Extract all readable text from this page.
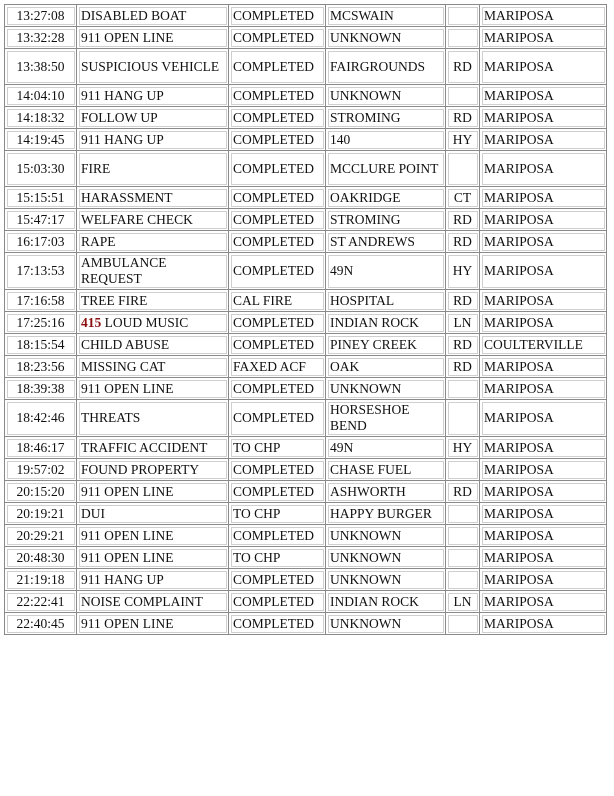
13:27:08	DISABLED BOAT	COMPLETED	MCSWAIN		MARIPOSA
13:32:28	911 OPEN LINE	COMPLETED	UNKNOWN		MARIPOSA
13:38:50	SUSPICIOUS VEHICLE	COMPLETED	FAIRGROUNDS	RD	MARIPOSA
14:04:10	911 HANG UP	COMPLETED	UNKNOWN		MARIPOSA
14:18:32	FOLLOW UP	COMPLETED	STROMING	RD	MARIPOSA
14:19:45	911 HANG UP	COMPLETED	140	HY	MARIPOSA
15:03:30	FIRE	COMPLETED	MCCLURE POINT		MARIPOSA
15:15:51	HARASSMENT	COMPLETED	OAKRIDGE	CT	MARIPOSA
15:47:17	WELFARE CHECK	COMPLETED	STROMING	RD	MARIPOSA
16:17:03	RAPE	COMPLETED	ST ANDREWS	RD	MARIPOSA
17:13:53	AMBULANCE REQUEST	COMPLETED	49N	HY	MARIPOSA
17:16:58	TREE FIRE	CAL FIRE	HOSPITAL	RD	MARIPOSA
17:25:16	415 LOUD MUSIC	COMPLETED	INDIAN ROCK	LN	MARIPOSA
18:15:54	CHILD ABUSE	COMPLETED	PINEY CREEK	RD	COULTERVILLE
18:23:56	MISSING CAT	FAXED ACF	OAK	RD	MARIPOSA
18:39:38	911 OPEN LINE	COMPLETED	UNKNOWN		MARIPOSA
18:42:46	THREATS	COMPLETED	HORSESHOE BEND		MARIPOSA
18:46:17	TRAFFIC ACCIDENT	TO CHP	49N	HY	MARIPOSA
19:57:02	FOUND PROPERTY	COMPLETED	CHASE FUEL		MARIPOSA
20:15:20	911 OPEN LINE	COMPLETED	ASHWORTH	RD	MARIPOSA
20:19:21	DUI	TO CHP	HAPPY BURGER		MARIPOSA
20:29:21	911 OPEN LINE	COMPLETED	UNKNOWN		MARIPOSA
20:48:30	911 OPEN LINE	TO CHP	UNKNOWN		MARIPOSA
21:19:18	911 HANG UP	COMPLETED	UNKNOWN		MARIPOSA
22:22:41	NOISE COMPLAINT	COMPLETED	INDIAN ROCK	LN	MARIPOSA
22:40:45	911 OPEN LINE	COMPLETED	UNKNOWN		MARIPOSA
